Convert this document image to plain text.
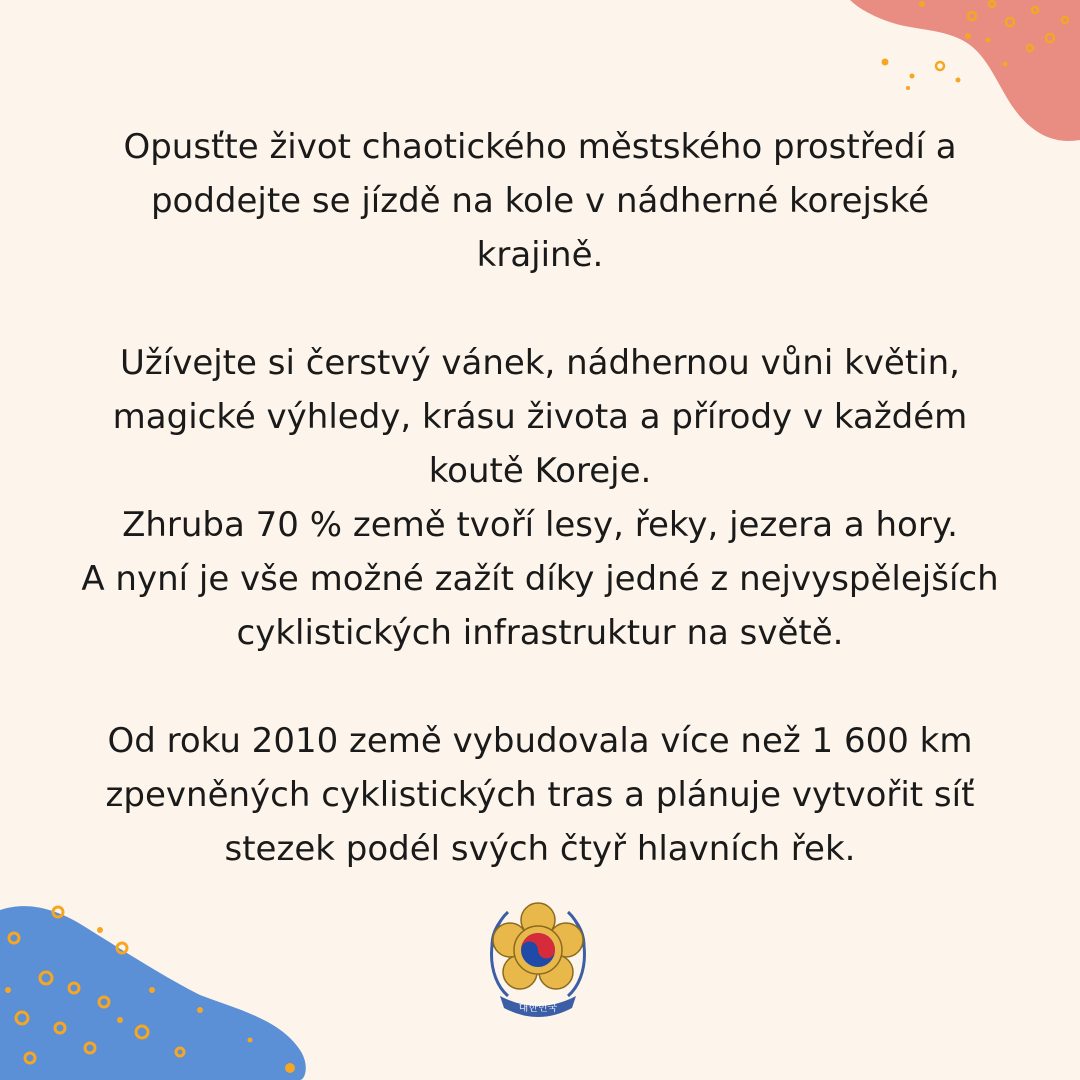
Opusťte život chaotického městského prostředí a
poddejte se jízdě na kole v nádherné korejské
krajině.
Užívejte si čerstvý vánek, nádhernou vůni květin,
magické výhledy, krásu života a přírody v každém
koutě Koreje.
Zhruba 70 % země tvoří lesy, řeky, jezera a hory.
A nyní je vše možné zažít díky jedné z nejvyspělejších
cyklistických infrastruktur na světě.
Od roku 2010 země vybudovala více než 1 600 km
zpevněných cyklistických tras a plánuje vytvořit síť
stezek podél svých čtyř hlavních řek.
대한민국
